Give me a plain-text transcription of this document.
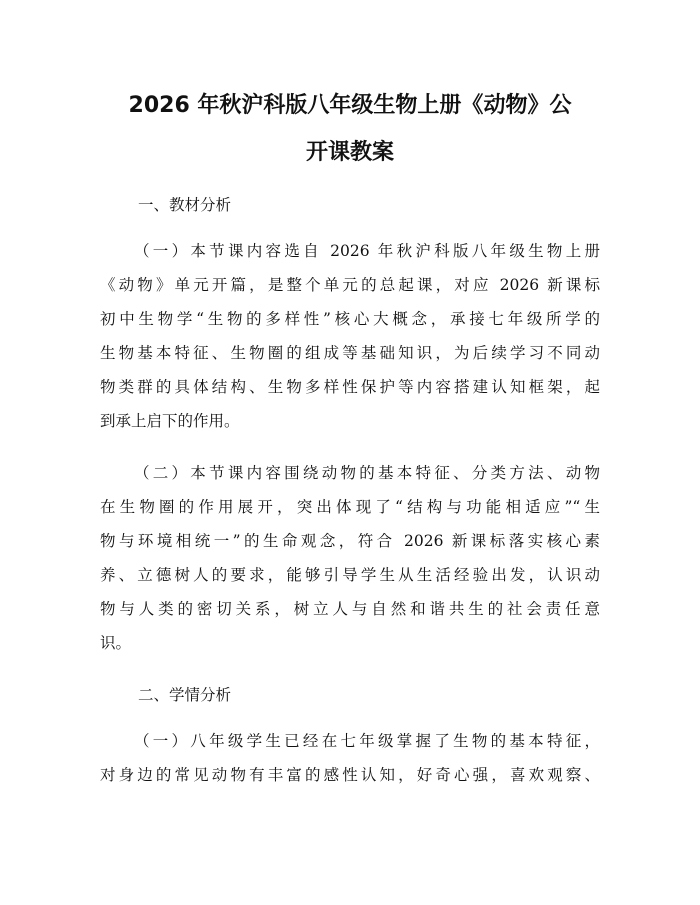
2026 年秋沪科版八年级生物上册《动物》公
开课教案
一、教材分析
（一）本节课内容选自 2026 年秋沪科版八年级生物上册
《动物》单元开篇，是整个单元的总起课，对应 2026 新课标
初中生物学“生物的多样性”核心大概念，承接七年级所学的
生物基本特征、生物圈的组成等基础知识，为后续学习不同动
物类群的具体结构、生物多样性保护等内容搭建认知框架，起
到承上启下的作用。
（二）本节课内容围绕动物的基本特征、分类方法、动物
在生物圈的作用展开，突出体现了“结构与功能相适应”“生
物与环境相统一”的生命观念，符合 2026 新课标落实核心素
养、立德树人的要求，能够引导学生从生活经验出发，认识动
物与人类的密切关系，树立人与自然和谐共生的社会责任意
识。
二、学情分析
（一）八年级学生已经在七年级掌握了生物的基本特征，
对身边的常见动物有丰富的感性认知，好奇心强，喜欢观察、
